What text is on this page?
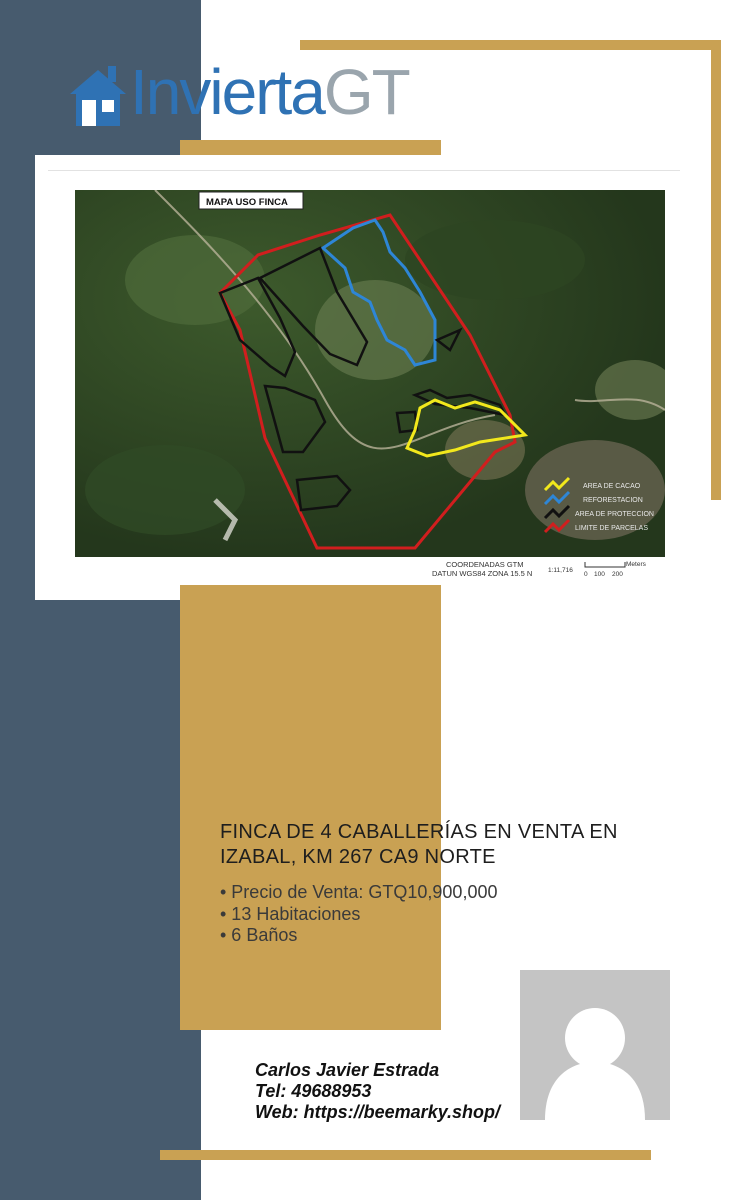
InviertaGT
MAPA USO FINCA
AREA DE CACAO
REFORESTACION
AREA DE PROTECCION
LIMITE DE PARCELAS
COORDENADAS GTM
DATUN WGS84 ZONA 15.5 N 1:11,716
Meters
0 100 200
FINCA DE 4 CABALLERÍAS EN VENTA EN IZABAL, KM 267 CA9 NORTE
• Precio de Venta: GTQ10,900,000
• 13 Habitaciones
• 6 Baños
Carlos Javier Estrada
Tel: 49688953
Web: https://beemarky.shop/
